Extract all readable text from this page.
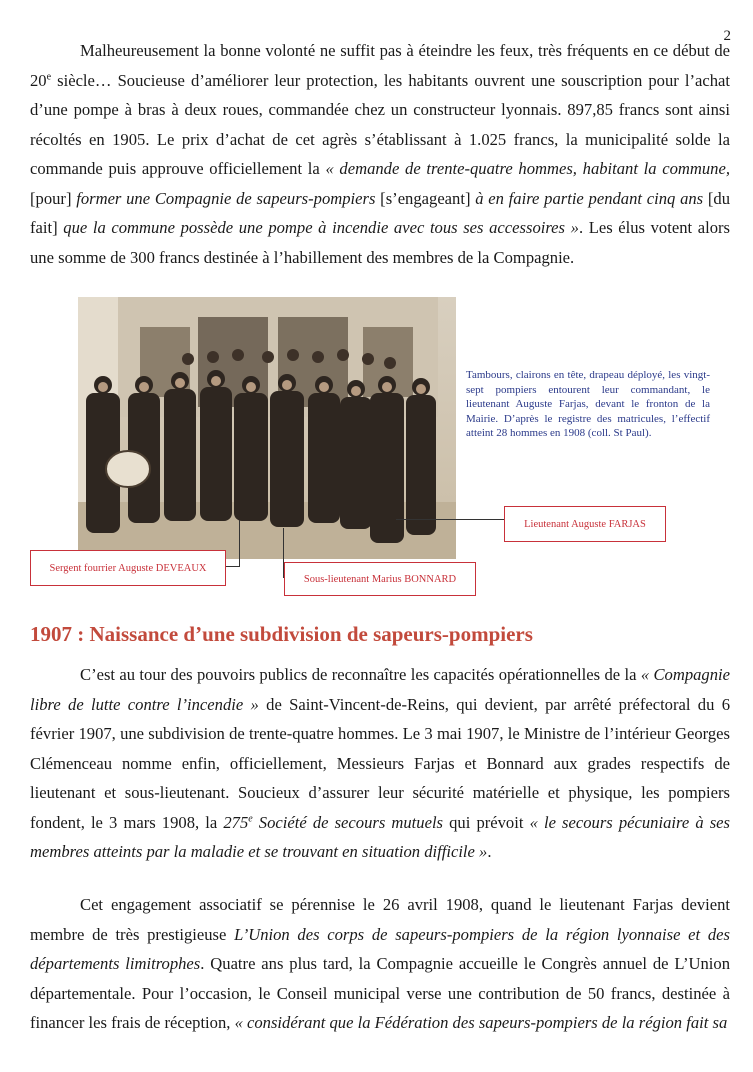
2

Malheureusement la bonne volonté ne suffit pas à éteindre les feux, très fréquents en ce début de 20e siècle… Soucieuse d’améliorer leur protection, les habitants ouvrent une souscription pour l’achat d’une pompe à bras à deux roues, commandée chez un constructeur lyonnais. 897,85 francs sont ainsi récoltés en 1905. Le prix d’achat de cet agrès s’établissant à 1.025 francs, la municipalité solde la commande puis approuve officiellement la « demande de trente-quatre hommes, habitant la commune, [pour] former une Compagnie de sapeurs-pompiers [s’engageant] à en faire partie pendant cinq ans [du fait] que la commune possède une pompe à incendie avec tous ses accessoires ». Les élus votent alors une somme de 300 francs destinée à l’habillement des membres de la Compagnie.

Tambours, clairons en tête, drapeau déployé, les vingt-sept pompiers entourent leur commandant, le lieutenant Auguste Farjas, devant le fronton de la Mairie. D’après le registre des matricules, l’effectif atteint 28 hommes en 1908 (coll. St Paul).
Lieutenant Auguste FARJAS
Sergent fourrier Auguste DEVEAUX
Sous-lieutenant Marius BONNARD
1907 : Naissance d’une subdivision de sapeurs-pompiers

C’est au tour des pouvoirs publics de reconnaître les capacités opérationnelles de la « Compagnie libre de lutte contre l’incendie » de Saint-Vincent-de-Reins, qui devient, par arrêté préfectoral du 6 février 1907, une subdivision de trente-quatre hommes. Le 3 mai 1907, le Ministre de l’intérieur Georges Clémenceau nomme enfin, officiellement, Messieurs Farjas et Bonnard aux grades respectifs de lieutenant et sous-lieutenant. Soucieux d’assurer leur sécurité matérielle et physique, les pompiers fondent, le 3 mars 1908, la 275e Société de secours mutuels qui prévoit « le secours pécuniaire à ses membres atteints par la maladie et se trouvant en situation difficile ».

Cet engagement associatif se pérennise le 26 avril 1908, quand le lieutenant Farjas devient membre de très prestigieuse L’Union des corps de sapeurs-pompiers de la région lyonnaise et des départements limitrophes. Quatre ans plus tard, la Compagnie accueille le Congrès annuel de L’Union départementale. Pour l’occasion, le Conseil municipal verse une contribution de 50 francs, destinée à financer les frais de réception, « considérant que la Fédération des sapeurs-pompiers de la région fait sa
